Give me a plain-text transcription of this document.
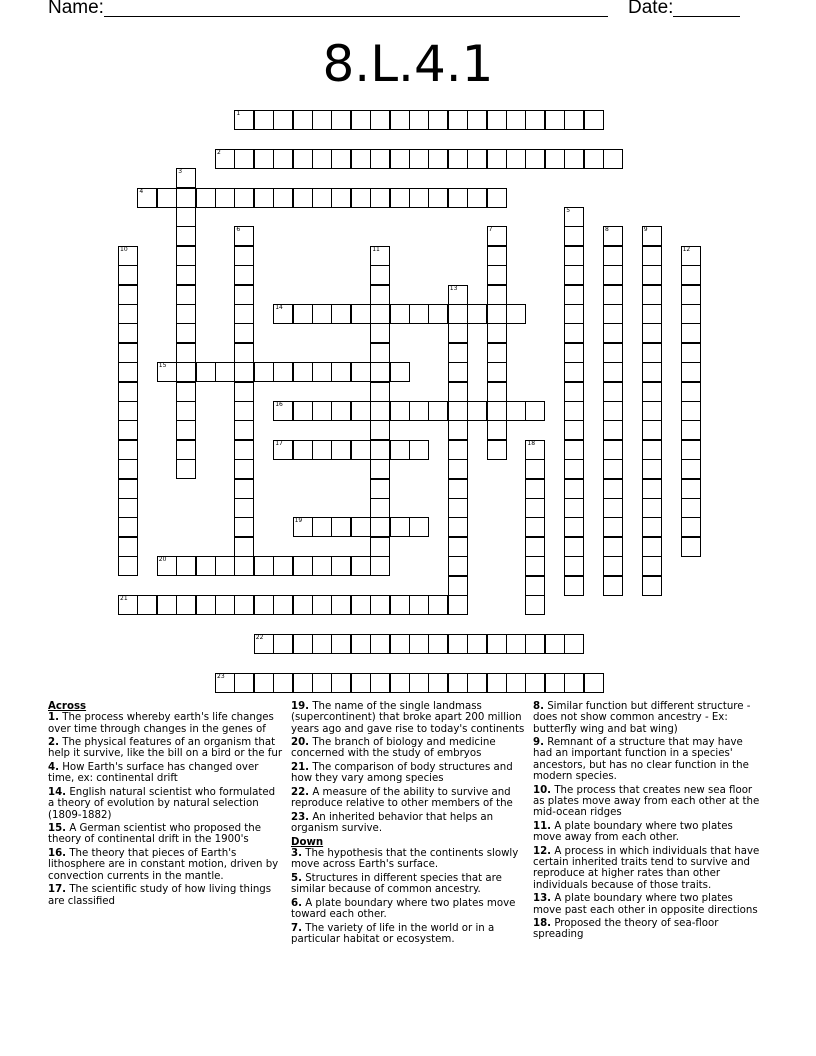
Name:	Date:
8.L.4.1
1
2
3
4
5
6	7	8	9
10	11	12
13
14
15
16
17	18
19
20
21
22
23
Across
1. The process whereby earth's life changes over time through changes in the genes of
2. The physical features of an organism that help it survive, like the bill on a bird or the fur
4. How Earth's surface has changed over time, ex: continental drift
14. English natural scientist who formulated a theory of evolution by natural selection (1809-1882)
15. A German scientist who proposed the theory of continental drift in the 1900's
16. The theory that pieces of Earth's lithosphere are in constant motion, driven by convection currents in the mantle.
17. The scientific study of how living things are classified
19. The name of the single landmass (supercontinent) that broke apart 200 million years ago and gave rise to today's continents
20. The branch of biology and medicine concerned with the study of embryos
21. The comparison of body structures and how they vary among species
22. A measure of the ability to survive and reproduce relative to other members of the
23. An inherited behavior that helps an organism survive.
Down
3. The hypothesis that the continents slowly move across Earth's surface.
5. Structures in different species that are similar because of common ancestry.
6. A plate boundary where two plates move toward each other.
7. The variety of life in the world or in a particular habitat or ecosystem.
8. Similar function but different structure - does not show common ancestry - Ex: butterfly wing and bat wing)
9. Remnant of a structure that may have had an important function in a species' ancestors, but has no clear function in the modern species.
10. The process that creates new sea floor as plates move away from each other at the mid-ocean ridges
11. A plate boundary where two plates move away from each other.
12. A process in which individuals that have certain inherited traits tend to survive and reproduce at higher rates than other individuals because of those traits.
13. A plate boundary where two plates move past each other in opposite directions
18. Proposed the theory of sea-floor spreading
